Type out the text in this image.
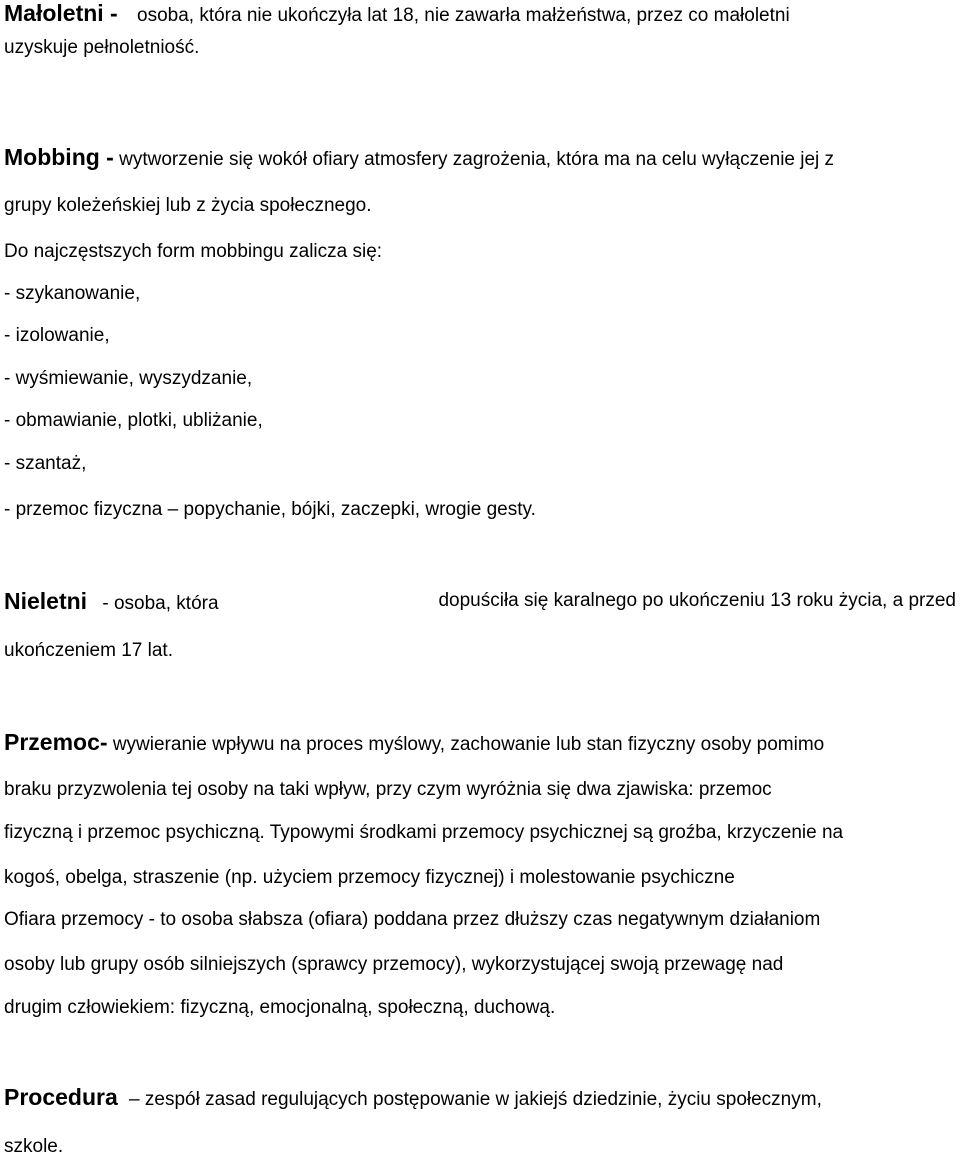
Małoletni - osoba, która nie ukończyła lat 18, nie zawarła małżeństwa, przez co małoletni
uzyskuje pełnoletniość.
Mobbing - wytworzenie się wokół ofiary atmosfery zagrożenia, która ma na celu wyłączenie jej z
grupy koleżeńskiej lub z życia społecznego.
Do najczęstszych form mobbingu zalicza się:
- szykanowanie,
- izolowanie,
- wyśmiewanie, wyszydzanie,
- obmawianie, plotki, ubliżanie,
- szantaż,
- przemoc fizyczna – popychanie, bójki, zaczepki, wrogie gesty.
Nieletni - osoba, która	dopuściła się karalnego po ukończeniu 13 roku życia, a przed
ukończeniem 17 lat.
Przemoc- wywieranie wpływu na proces myślowy, zachowanie lub stan fizyczny osoby pomimo
braku przyzwolenia tej osoby na taki wpływ, przy czym wyróżnia się dwa zjawiska: przemoc
fizyczną i przemoc psychiczną. Typowymi środkami przemocy psychicznej są groźba, krzyczenie na
kogoś, obelga, straszenie (np. użyciem przemocy fizycznej) i molestowanie psychiczne
Ofiara przemocy - to osoba słabsza (ofiara) poddana przez dłuższy czas negatywnym działaniom
osoby lub grupy osób silniejszych (sprawcy przemocy), wykorzystującej swoją przewagę nad
drugim człowiekiem: fizyczną, emocjonalną, społeczną, duchową.
Procedura – zespół zasad regulujących postępowanie w jakiejś dziedzinie, życiu społecznym,
szkole.
